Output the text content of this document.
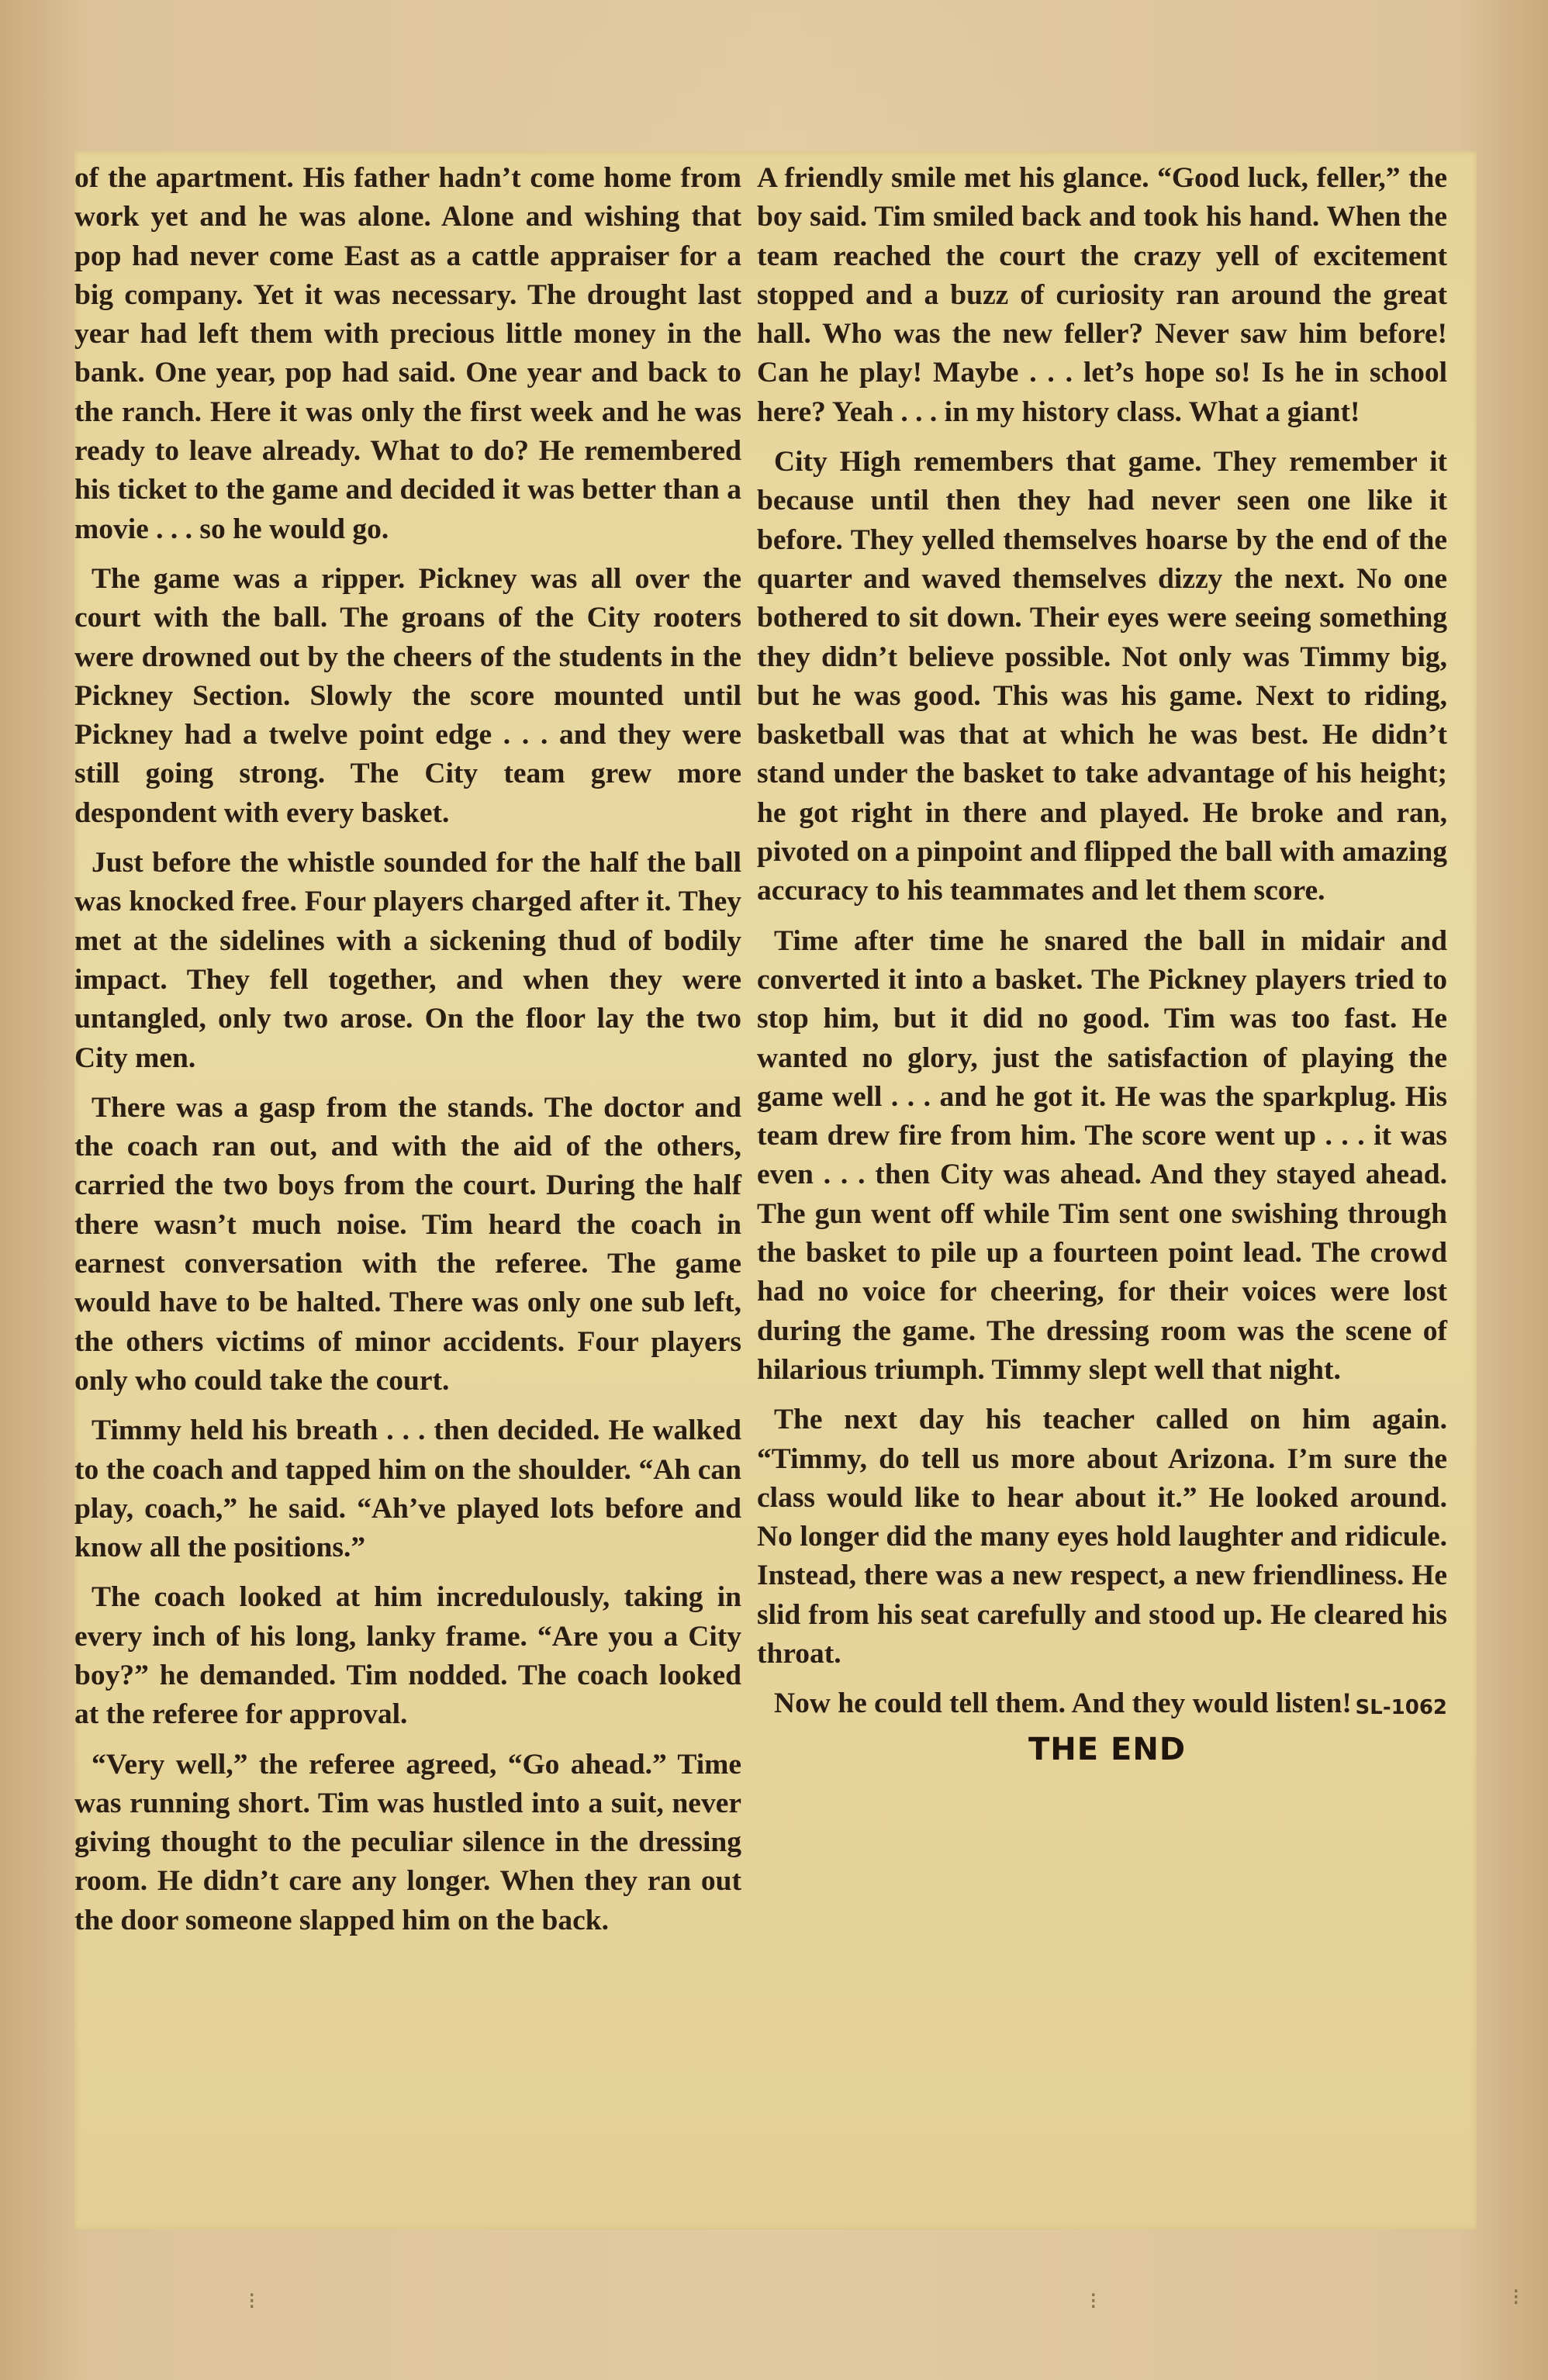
of the apartment. His father hadn’t come home from work yet and he was alone. Alone and wishing that pop had never come East as a cattle appraiser for a big company. Yet it was necessary. The drought last year had left them with precious little money in the bank. One year, pop had said. One year and back to the ranch. Here it was only the first week and he was ready to leave already. What to do? He remembered his ticket to the game and decided it was better than a movie . . . so he would go.

The game was a ripper. Pickney was all over the court with the ball. The groans of the City rooters were drowned out by the cheers of the students in the Pickney Section. Slowly the score mounted until Pickney had a twelve point edge . . . and they were still going strong. The City team grew more despondent with every basket.

Just before the whistle sounded for the half the ball was knocked free. Four players charged after it. They met at the sidelines with a sickening thud of bodily impact. They fell together, and when they were untangled, only two arose. On the floor lay the two City men.

There was a gasp from the stands. The doctor and the coach ran out, and with the aid of the others, carried the two boys from the court. During the half there wasn’t much noise. Tim heard the coach in earnest conversation with the referee. The game would have to be halted. There was only one sub left, the others victims of minor accidents. Four players only who could take the court.

Timmy held his breath . . . then decided. He walked to the coach and tapped him on the shoulder. “Ah can play, coach,” he said. “Ah’ve played lots before and know all the positions.”

The coach looked at him incredulously, taking in every inch of his long, lanky frame. “Are you a City boy?” he demanded. Tim nodded. The coach looked at the referee for approval.

“Very well,” the referee agreed, “Go ahead.” Time was running short. Tim was hustled into a suit, never giving thought to the peculiar silence in the dressing room. He didn’t care any longer. When they ran out the door someone slapped him on the back.

A friendly smile met his glance. “Good luck, feller,” the boy said. Tim smiled back and took his hand. When the team reached the court the crazy yell of excitement stopped and a buzz of curiosity ran around the great hall. Who was the new feller? Never saw him before! Can he play! Maybe . . . let’s hope so! Is he in school here? Yeah . . . in my history class. What a giant!

City High remembers that game. They remember it because until then they had never seen one like it before. They yelled themselves hoarse by the end of the quarter and waved themselves dizzy the next. No one bothered to sit down. Their eyes were seeing something they didn’t believe possible. Not only was Timmy big, but he was good. This was his game. Next to riding, basketball was that at which he was best. He didn’t stand under the basket to take advantage of his height; he got right in there and played. He broke and ran, pivoted on a pinpoint and flipped the ball with amazing accuracy to his teammates and let them score.

Time after time he snared the ball in midair and converted it into a basket. The Pickney players tried to stop him, but it did no good. Tim was too fast. He wanted no glory, just the satisfaction of playing the game well . . . and he got it. He was the sparkplug. His team drew fire from him. The score went up . . . it was even . . . then City was ahead. And they stayed ahead. The gun went off while Tim sent one swishing through the basket to pile up a fourteen point lead. The crowd had no voice for cheering, for their voices were lost during the game. The dressing room was the scene of hilarious triumph. Timmy slept well that night.

The next day his teacher called on him again. “Timmy, do tell us more about Arizona. I’m sure the class would like to hear about it.” He looked around. No longer did the many eyes hold laughter and ridicule. Instead, there was a new respect, a new friendliness. He slid from his seat carefully and stood up. He cleared his throat.

Now he could tell them. And they would listen! SL-1062
THE END
⁝	⁝	⁝
